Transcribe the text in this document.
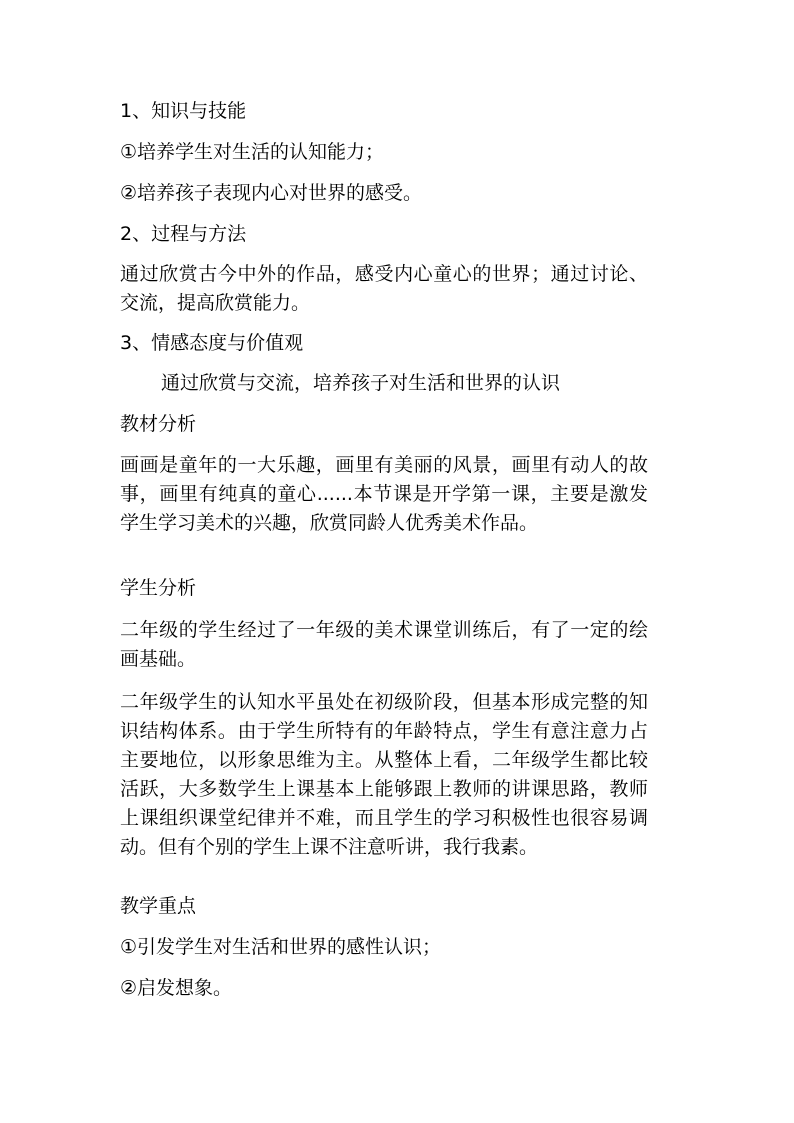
1、知识与技能
①培养学生对生活的认知能力；
②培养孩子表现内心对世界的感受。
2、过程与方法
通过欣赏古今中外的作品，感受内心童心的世界；通过讨论、交流，提高欣赏能力。
3、情感态度与价值观
通过欣赏与交流，培养孩子对生活和世界的认识
教材分析
画画是童年的一大乐趣，画里有美丽的风景，画里有动人的故事，画里有纯真的童心......本节课是开学第一课，主要是激发学生学习美术的兴趣，欣赏同龄人优秀美术作品。
学生分析
二年级的学生经过了一年级的美术课堂训练后，有了一定的绘画基础。
二年级学生的认知水平虽处在初级阶段，但基本形成完整的知识结构体系。由于学生所特有的年龄特点，学生有意注意力占主要地位，以形象思维为主。从整体上看，二年级学生都比较活跃，大多数学生上课基本上能够跟上教师的讲课思路，教师上课组织课堂纪律并不难，而且学生的学习积极性也很容易调动。但有个别的学生上课不注意听讲，我行我素。
教学重点
①引发学生对生活和世界的感性认识；
②启发想象。
